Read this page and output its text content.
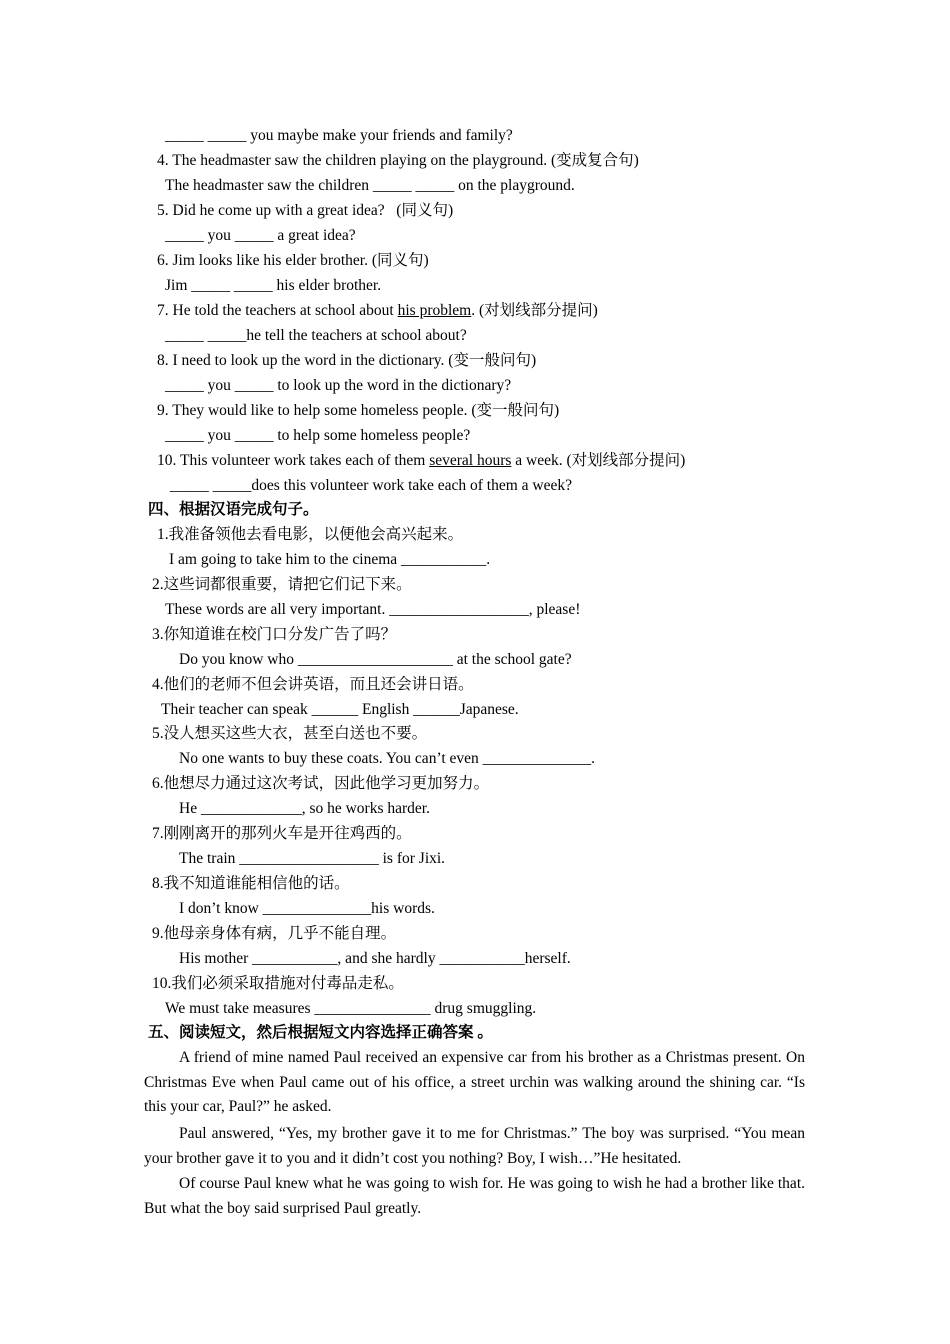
_____ _____ you maybe make your friends and family?
4. The headmaster saw the children playing on the playground. (变成复合句)
The headmaster saw the children _____ _____ on the playground.
5. Did he come up with a great idea?   (同义句)
_____ you _____ a great idea?
6. Jim looks like his elder brother. (同义句)
Jim _____ _____ his elder brother.
7. He told the teachers at school about his problem. (对划线部分提问)
_____ _____he tell the teachers at school about?
8. I need to look up the word in the dictionary. (变一般问句)
_____ you _____ to look up the word in the dictionary?
9. They would like to help some homeless people. (变一般问句)
_____ you _____ to help some homeless people?
10. This volunteer work takes each of them several hours a week. (对划线部分提问)
_____ _____does this volunteer work take each of them a week?
四、根据汉语完成句子。
1.我准备领他去看电影，以便他会高兴起来。
I am going to take him to the cinema ___________.
2.这些词都很重要，请把它们记下来。
These words are all very important. __________________, please!
3.你知道谁在校门口分发广告了吗？
Do you know who ____________________ at the school gate?
4.他们的老师不但会讲英语，而且还会讲日语。
Their teacher can speak ______ English ______Japanese.
5.没人想买这些大衣，甚至白送也不要。
No one wants to buy these coats. You can’t even ______________.
6.他想尽力通过这次考试，因此他学习更加努力。
He _____________, so he works harder.
7.刚刚离开的那列火车是开往鸡西的。
The train __________________ is for Jixi.
8.我不知道谁能相信他的话。
I don’t know ______________his words.
9.他母亲身体有病，几乎不能自理。
His mother ___________, and she hardly ___________herself.
10.我们必须采取措施对付毒品走私。
We must take measures _______________ drug smuggling.
五、阅读短文，然后根据短文内容选择正确答案 。

A friend of mine named Paul received an expensive car from his brother as a Christmas present. On Christmas Eve when Paul came out of his office, a street urchin was walking around the shining car. “Is this your car, Paul?” he asked.

Paul answered, “Yes, my brother gave it to me for Christmas.” The boy was surprised. “You mean your brother gave it to you and it didn’t cost you nothing? Boy, I wish…”He hesitated.

Of course Paul knew what he was going to wish for. He was going to wish he had a brother like that. But what the boy said surprised Paul greatly.
